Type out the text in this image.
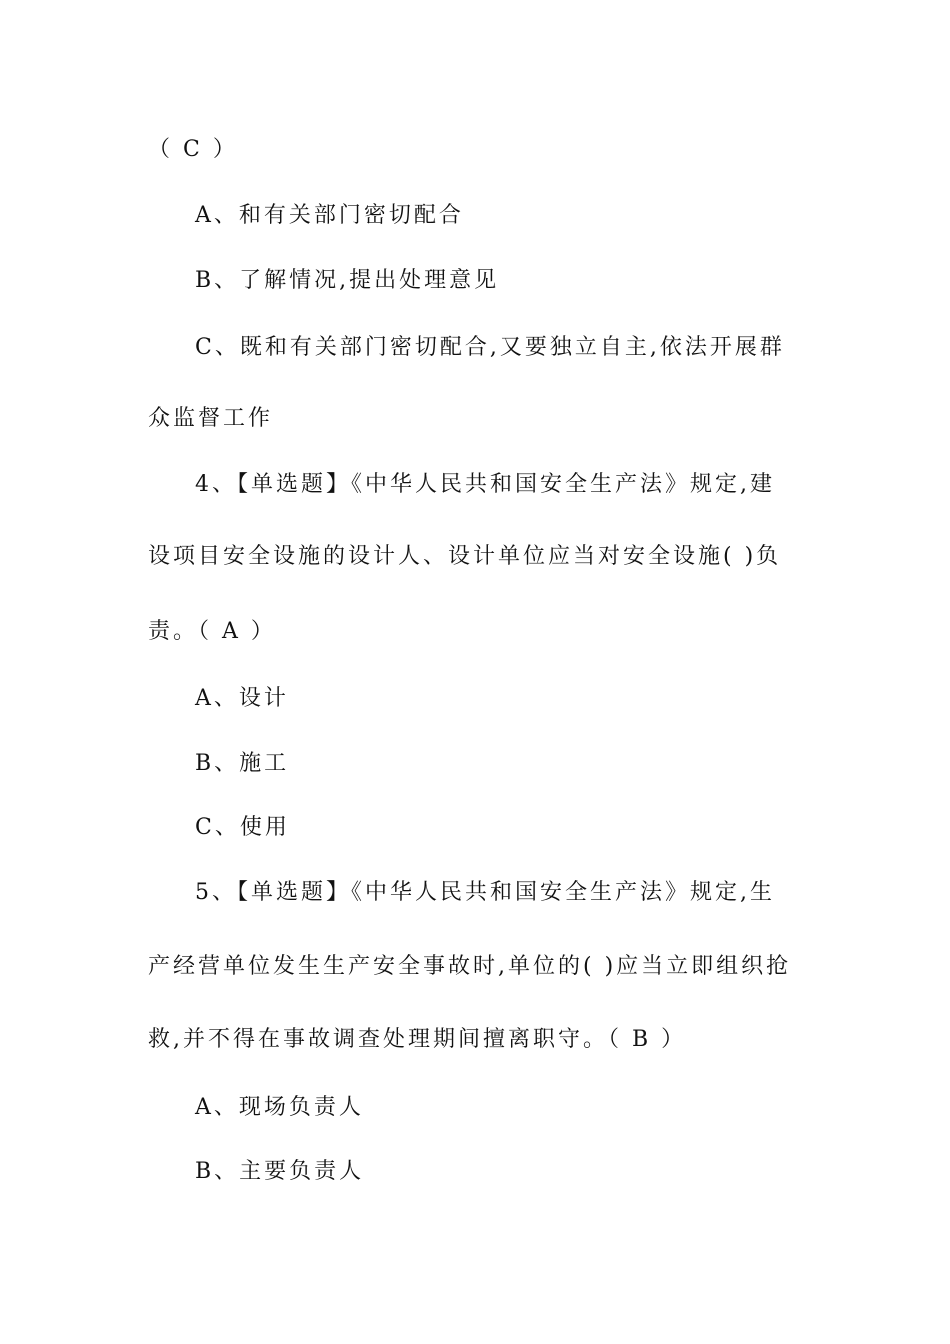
（ C ）
A、和有关部门密切配合
B、了解情况,提出处理意见
C、既和有关部门密切配合,又要独立自主,依法开展群
众监督工作
4、【单选题】《中华人民共和国安全生产法》规定,建
设项目安全设施的设计人、设计单位应当对安全设施( )负
责。（ A ）
A、设计
B、施工
C、使用
5、【单选题】《中华人民共和国安全生产法》规定,生
产经营单位发生生产安全事故时,单位的( )应当立即组织抢
救,并不得在事故调查处理期间擅离职守。（ B ）
A、现场负责人
B、主要负责人
